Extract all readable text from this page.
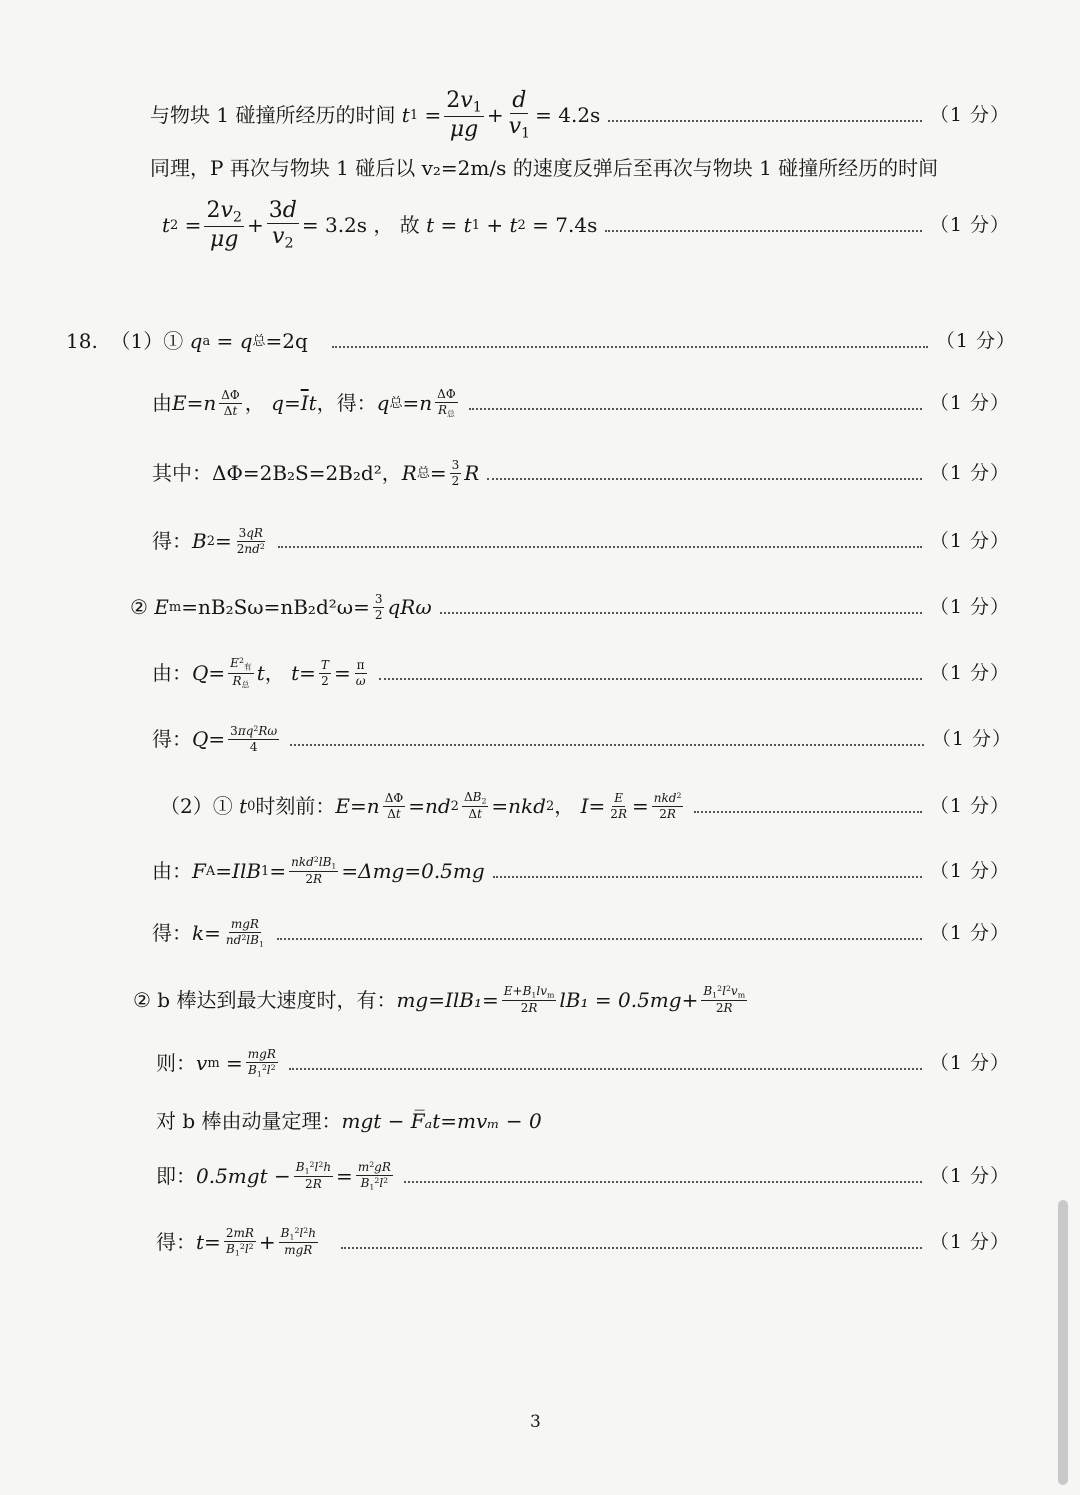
与物块 1 碰撞所经历的时间 t $1 = \frac{2v_1}{\mu g} + \frac{d}{v_1} = 4.2s$	（1 分）
同理，P 再次与物块 1 碰后以 v₂=2m/s 的速度反弹后至再次与物块 1 碰撞所经历的时间
t $2 = \frac{2v_2}{\mu g} + \frac{3d}{v_2} = 3.2s$ ， 故
t = t 1 + t 2
= 7.4s	（1 分）
18.
（1）①
q a = q 总 =2q	（1 分）
由 E = n $\frac{\Delta\Phi}{\Delta t}$ ，
$q = \overline{I}$ t ，得： q 总 = n $\frac{\Delta\Phi}{R_总}$	（1 分）
其中： ΔΦ=2B₂S=2B₂d²， R 总 = $\frac{3}{2}$ R	（1 分）
得： B $2 = \frac{3qR}{2nd^2}$	（1 分）
②
E $m =nB_2S\omega=nB_2d^2\omega= \frac{3}{2}$ qRω	（1 分）
由： $Q = \frac{E^2_有}{R_总}$ t ， $t = \frac{T}{2} = \frac{\pi}{\omega}$	（1 分）
得： $Q = \frac{3\pi q^2R\omega}{4}$	（1 分）
（2）①
t 0 时刻前： E = n $\frac{\Delta\Phi}{\Delta t}$ = nd $2 \frac{\Delta B_2}{\Delta t}$ = nkd 2 ， $I = \frac{E}{2R} = \frac{nkd^2}{2R}$	（1 分）
由： F A = Il B $1 = \frac{nkd^2lB_1}{2R} =\Delta mg=0.5mg$	（1 分）
得： $k = \frac{\text{mgR}}{nd^2lB_1}$	（1 分）
② b 棒达到最大速度时，有： $mg=IlB_1= \frac{E+B_1lv_m}{2R} lB_1 = 0.5mg+ \frac{B_1^2l^2v_m}{2R}$
则： v $m = \frac{\text{mgR}}{B_1^2l^2}$	（1 分）
对 b 棒由动量定理： mgt − F̅ₐt=mvₘ − 0
即： $0.5mgt - \frac{B_1^2l^2h}{2R} = \frac{m^2gR}{B_1^2l^2}$	（1 分）
得： $t = \frac{2mR}{B_1^2l^2} + \frac{B_1^2l^2h}{\text{mgR}}$	（1 分）
3
